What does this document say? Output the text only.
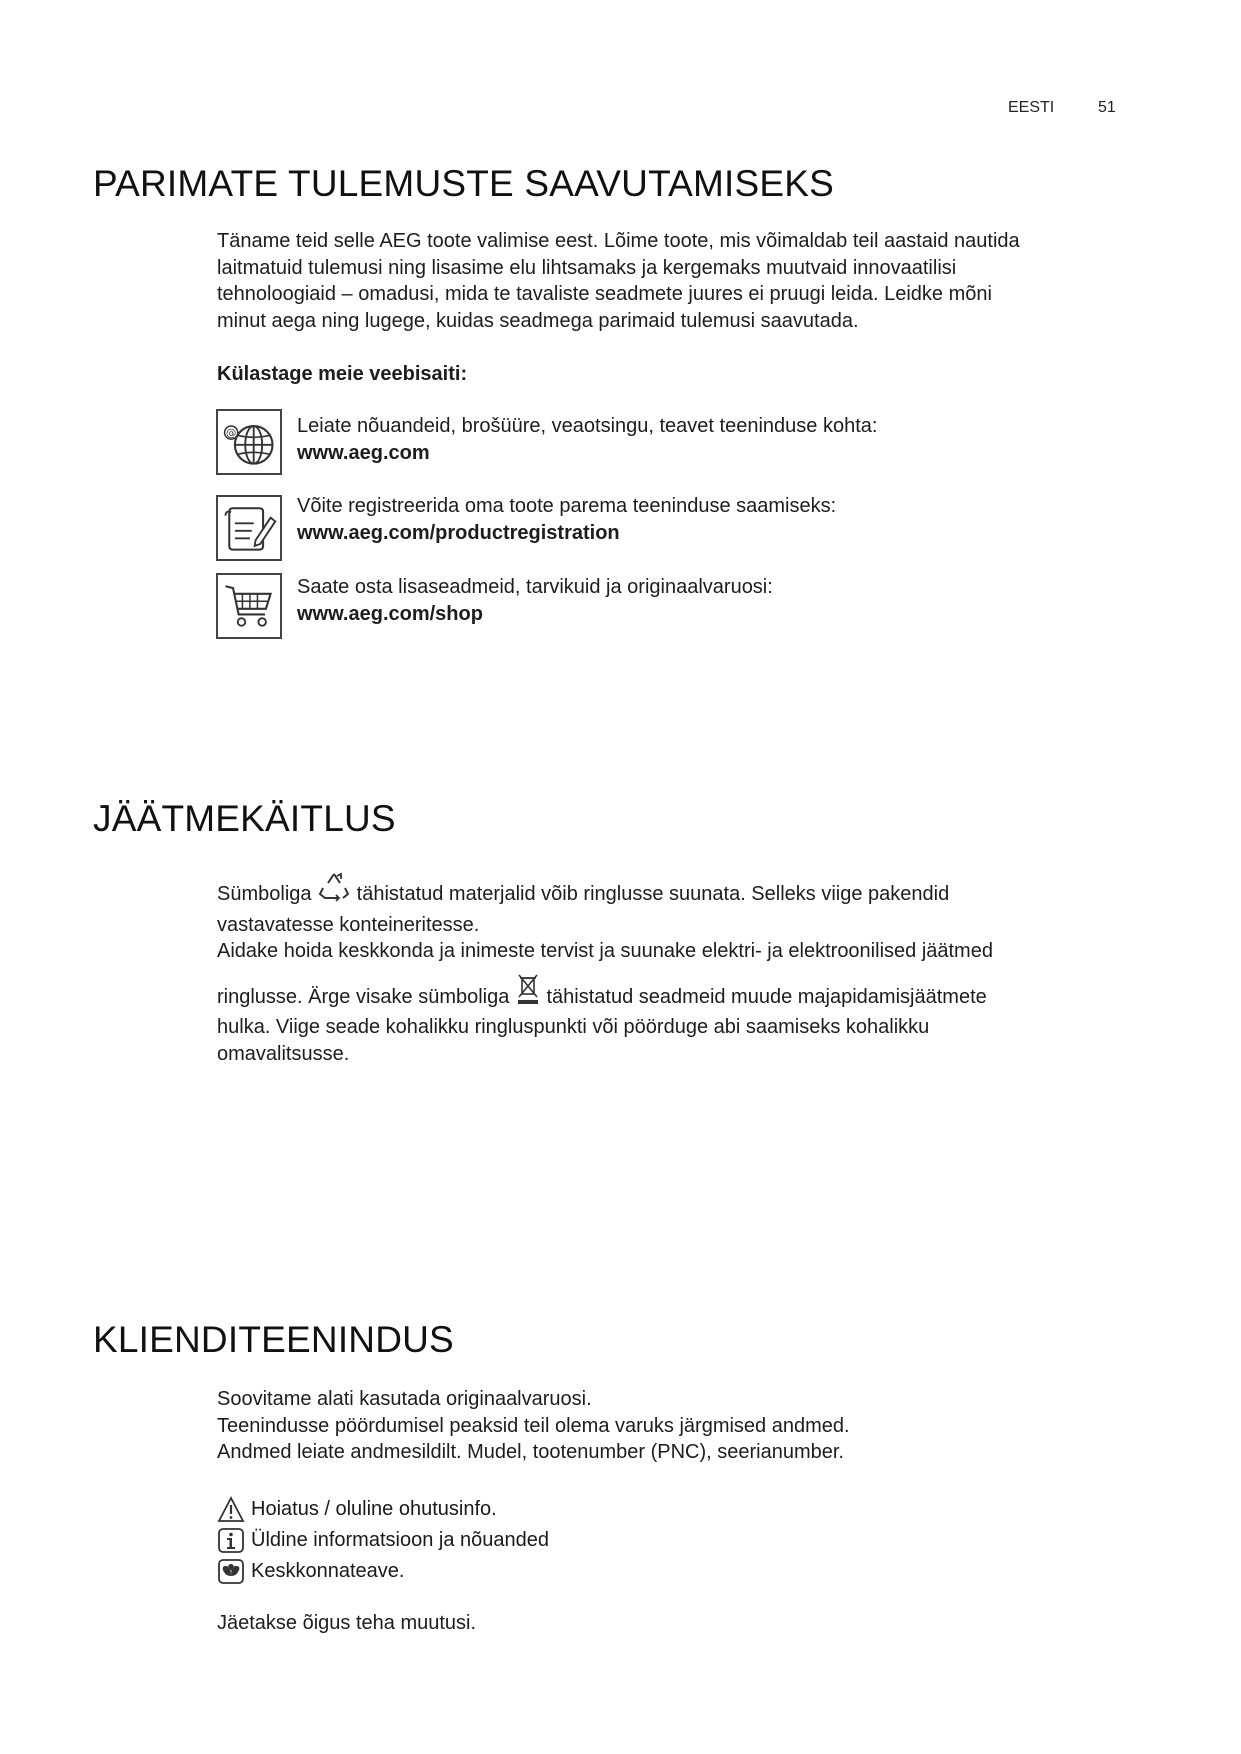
EESTI	51
PARIMATE TULEMUSTE SAAVUTAMISEKS
Täname teid selle AEG toote valimise eest. Lõime toote, mis võimaldab teil aastaid nautida
laitmatuid tulemusi ning lisasime elu lihtsamaks ja kergemaks muutvaid innovaatilisi
tehnoloogiaid – omadusi, mida te tavaliste seadmete juures ei pruugi leida. Leidke mõni
minut aega ning lugege, kuidas seadmega parimaid tulemusi saavutada.
Külastage meie veebisaiti:
@	Leiate nõuandeid, brošüüre, veaotsingu, teavet teeninduse kohta:
www.aeg.com
Võite registreerida oma toote parema teeninduse saamiseks:
www.aeg.com/productregistration
Saate osta lisaseadmeid, tarvikuid ja originaalvaruosi:
www.aeg.com/shop
JÄÄTMEKÄITLUS
Sümboliga tähistatud materjalid võib ringlusse suunata. Selleks viige pakendid
vastavatesse konteineritesse.
Aidake hoida keskkonda ja inimeste tervist ja suunake elektri- ja elektroonilised jäätmed
ringlusse. Ärge visake sümboliga tähistatud seadmeid muude majapidamisjäätmete
hulka. Viige seade kohalikku ringluspunkti või pöörduge abi saamiseks kohalikku
omavalitsusse.
KLIENDITEENINDUS
Soovitame alati kasutada originaalvaruosi.
Teenindusse pöördumisel peaksid teil olema varuks järgmised andmed.
Andmed leiate andmesildilt. Mudel, tootenumber (PNC), seerianumber.
Hoiatus / oluline ohutusinfo.
Üldine informatsioon ja nõuanded
Keskkonnateave.
Jäetakse õigus teha muutusi.
